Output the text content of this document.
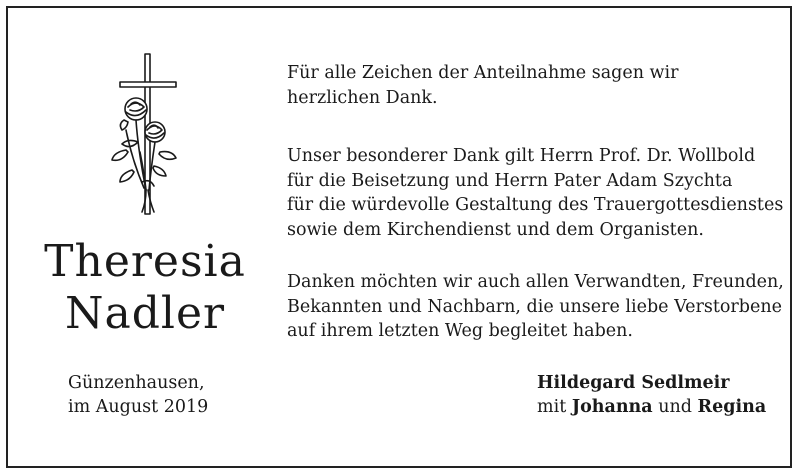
Theresia
Nadler
Günzenhausen,
im August 2019
Für alle Zeichen der Anteilnahme sagen wir
herzlichen Dank.
Unser besonderer Dank gilt Herrn Prof. Dr. Wollbold
für die Beisetzung und Herrn Pater Adam Szychta
für die würdevolle Gestaltung des Trauergottesdienstes
sowie dem Kirchendienst und dem Organisten.
Danken möchten wir auch allen Verwandten, Freunden,
Bekannten und Nachbarn, die unsere liebe Verstorbene
auf ihrem letzten Weg begleitet haben.
Hildegard Sedlmeir
mit Johanna und Regina
